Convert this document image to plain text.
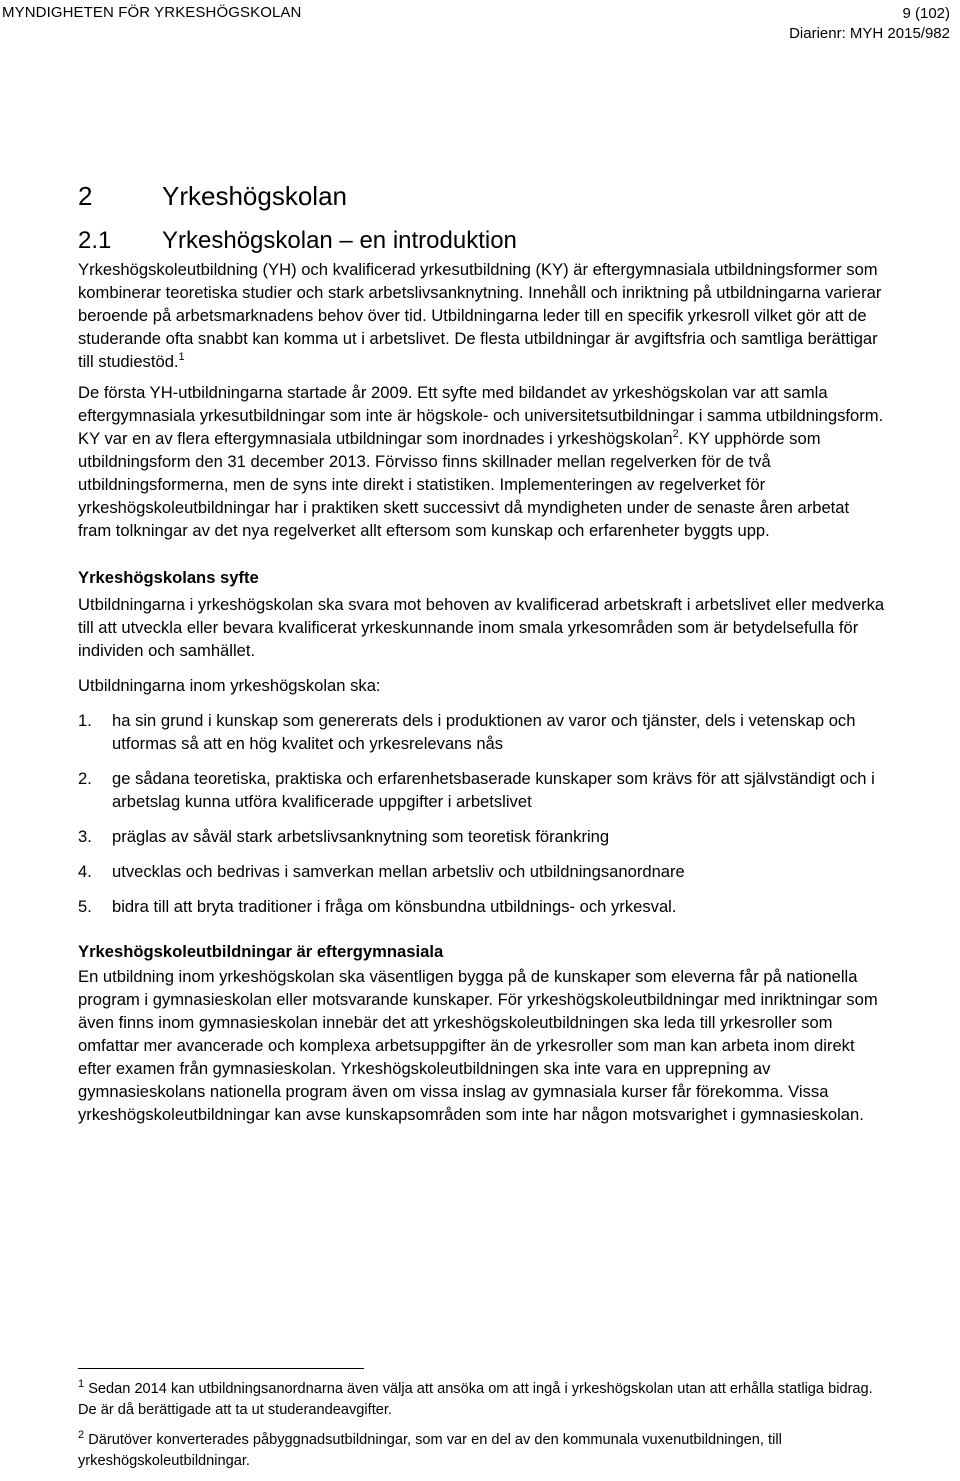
MYNDIGHETEN FÖR YRKESHÖGSKOLAN	9 (102)
Diarienr: MYH 2015/982
2	Yrkeshögskolan
2.1	Yrkeshögskolan – en introduktion

Yrkeshögskoleutbildning (YH) och kvalificerad yrkesutbildning (KY) är eftergymnasiala utbildningsformer som kombinerar teoretiska studier och stark arbetslivsanknytning. Innehåll och inriktning på utbildningarna varierar beroende på arbetsmarknadens behov över tid. Utbildningarna leder till en specifik yrkesroll vilket gör att de studerande ofta snabbt kan komma ut i arbetslivet. De flesta utbildningar är avgiftsfria och samtliga berättigar till studiestöd.$^1$

De första YH-utbildningarna startade år 2009. Ett syfte med bildandet av yrkeshögskolan var att samla eftergymnasiala yrkesutbildningar som inte är högskole- och universitetsutbildningar i samma utbildningsform. KY var en av flera eftergymnasiala utbildningar som inordnades i yrkeshögskolan$^2$. KY upphörde som utbildningsform den 31 december 2013. Förvisso finns skillnader mellan regelverken för de två utbildningsformerna, men de syns inte direkt i statistiken. Implementeringen av regelverket för yrkeshögskoleutbildningar har i praktiken skett successivt då myndigheten under de senaste åren arbetat fram tolkningar av det nya regelverket allt eftersom som kunskap och erfarenheter byggts upp.

Yrkeshögskolans syfte

Utbildningarna i yrkeshögskolan ska svara mot behoven av kvalificerad arbetskraft i arbetslivet eller medverka till att utveckla eller bevara kvalificerat yrkeskunnande inom smala yrkesområden som är betydelsefulla för individen och samhället.

Utbildningarna inom yrkeshögskolan ska:

1.	ha sin grund i kunskap som genererats dels i produktionen av varor och tjänster, dels i vetenskap och utformas så att en hög kvalitet och yrkesrelevans nås
2.	ge sådana teoretiska, praktiska och erfarenhetsbaserade kunskaper som krävs för att självständigt och i arbetslag kunna utföra kvalificerade uppgifter i arbetslivet
3.	präglas av såväl stark arbetslivsanknytning som teoretisk förankring
4.	utvecklas och bedrivas i samverkan mellan arbetsliv och utbildningsanordnare
5.	bidra till att bryta traditioner i fråga om könsbundna utbildnings- och yrkesval.
Yrkeshögskoleutbildningar är eftergymnasiala

En utbildning inom yrkeshögskolan ska väsentligen bygga på de kunskaper som eleverna får på nationella program i gymnasieskolan eller motsvarande kunskaper. För yrkeshögskoleutbildningar med inriktningar som även finns inom gymnasieskolan innebär det att yrkeshögskoleutbildningen ska leda till yrkesroller som omfattar mer avancerade och komplexa arbetsuppgifter än de yrkesroller som man kan arbeta inom direkt efter examen från gymnasieskolan. Yrkeshögskoleutbildningen ska inte vara en upprepning av gymnasieskolans nationella program även om vissa inslag av gymnasiala kurser får förekomma. Vissa yrkeshögskoleutbildningar kan avse kunskapsområden som inte har någon motsvarighet i gymnasieskolan.

$^1$ Sedan 2014 kan utbildningsanordnarna även välja att ansöka om att ingå i yrkeshögskolan utan att erhålla statliga bidrag. De är då berättigade att ta ut studerandeavgifter.
$^2$ Därutöver konverterades påbyggnadsutbildningar, som var en del av den kommunala vuxenutbildningen, till yrkeshögskoleutbildningar.
